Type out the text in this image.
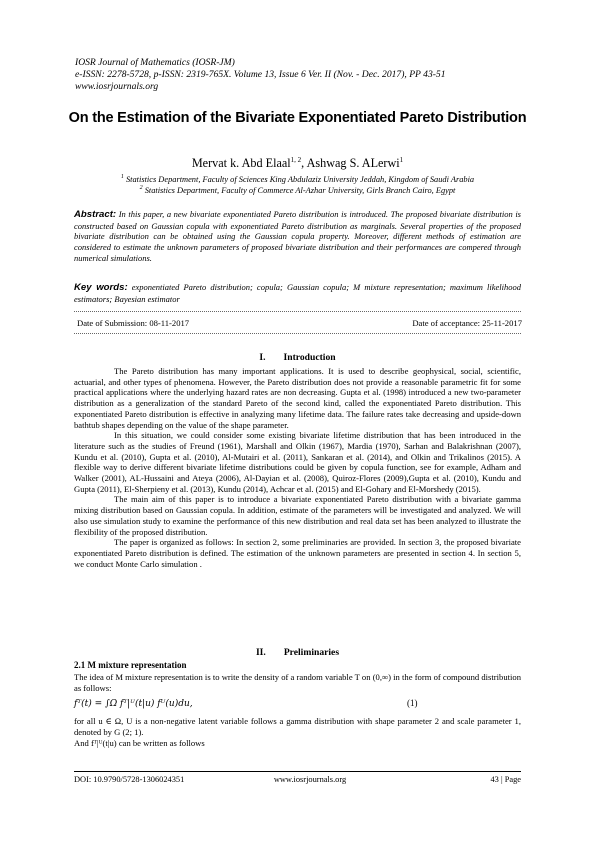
IOSR Journal of Mathematics (IOSR-JM)
e-ISSN: 2278-5728, p-ISSN: 2319-765X. Volume 13, Issue 6 Ver. II (Nov. - Dec. 2017), PP 43-51
www.iosrjournals.org
On the Estimation of the Bivariate Exponentiated Pareto Distribution
Mervat k. Abd Elaal$^{1, 2}$, Ashwag S. ALerwi$^1$
$^1$ Statistics Department, Faculty of Sciences King Abdulaziz University Jeddah, Kingdom of Saudi Arabia
$^2$ Statistics Department, Faculty of Commerce Al-Azhar University, Girls Branch Cairo, Egypt
Abstract: In this paper, a new bivariate exponentiated Pareto distribution is introduced. The proposed bivariate distribution is constructed based on Gaussian copula with exponentiated Pareto distribution as marginals. Several properties of the proposed bivariate distribution can be obtained using the Gaussian copula property. Moreover, different methods of estimation are considered to estimate the unknown parameters of proposed bivariate distribution and their performances are compered through numerical simulations.
Key words: exponentiated Pareto distribution; copula; Gaussian copula; M mixture representation; maximum likelihood estimators; Bayesian estimator
Date of Submission: 08-11-2017	Date of acceptance: 25-11-2017
I. Introduction

The Pareto distribution has many important applications. It is used to describe geophysical, social, scientific, actuarial, and other types of phenomena. However, the Pareto distribution does not provide a reasonable parametric fit for some practical applications where the underlying hazard rates are non decreasing. Gupta et al. (1998) introduced a new two-parameter distribution as a generalization of the standard Pareto of the second kind, called the exponentiated Pareto distribution. This exponentiated Pareto distribution is effective in analyzing many lifetime data. The failure rates take decreasing and upside-down bathtub shapes depending on the value of the shape parameter.

In this situation, we could consider some existing bivariate lifetime distribution that has been introduced in the literature such as the studies of Freund (1961), Marshall and Olkin (1967), Mardia (1970), Sarhan and Balakrishnan (2007), Kundu et al. (2010), Gupta et al. (2010), Al-Mutairi et al. (2011), Sankaran et al. (2014), and Olkin and Trikalinos (2015). A flexible way to derive different bivariate lifetime distributions could be given by copula function, see for example, Adham and Walker (2001), AL-Hussaini and Ateya (2006), Al-Dayian et al. (2008), Quiroz-Flores (2009),Gupta et al. (2010), Kundu and Gupta (2011), El-Sherpieny et al. (2013), Kundu (2014), Achcar et al. (2015) and El-Gohary and El-Morshedy (2015).

The main aim of this paper is to introduce a bivariate exponentiated Pareto distribution with a bivariate gamma mixing distribution based on Gaussian copula. In addition, estimate of the parameters will be investigated and analyzed. We will also use simulation study to examine the performance of this new distribution and real data set has been analyzed to illustrate the flexibility of the proposed distribution.

The paper is organized as follows: In section 2, some preliminaries are provided. In section 3, the proposed bivariate exponentiated Pareto distribution is defined. The estimation of the unknown parameters are presented in section 4. In section 5, we conduct Monte Carlo simulation .

II. Preliminaries
2.1 M mixture representation
The idea of M mixture representation is to write the density of a random variable T on (0,∞) in the form of compound distribution as follows:
fᵀ(t) = ∫Ω fᵀ|ᵁ(t|u) fᵁ(u)du,	(1)
for all u ∈ Ω, U is a non-negative latent variable follows a gamma distribution with shape parameter 2 and scale parameter 1, denoted by G (2; 1).
And fᵀ|ᵁ(t|u) can be written as follows
DOI: 10.9790/5728-1306024351	www.iosrjournals.org	43 | Page
